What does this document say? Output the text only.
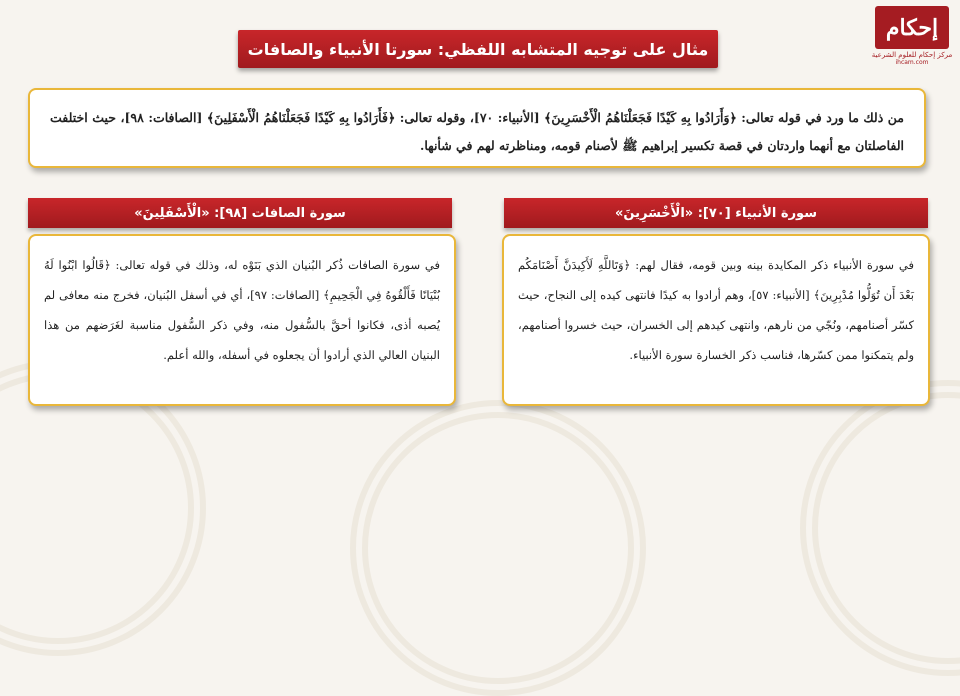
مثال على توجيه المتشابه اللفظي: سورتا الأنبياء والصافات
إحكام
مركز إحكام للعلوم الشرعية
ihcam.com
من ذلك ما ورد في قوله تعالى: ﴿وَأَرَادُوا بِهِ كَيْدًا فَجَعَلْنَاهُمُ الْأَخْسَرِينَ﴾ [الأنبياء: ٧٠]، وقوله تعالى: ﴿فَأَرَادُوا بِهِ كَيْدًا فَجَعَلْنَاهُمُ الْأَسْفَلِينَ﴾ [الصافات: ٩٨]، حيث اختلفت الفاصلتان مع أنهما واردتان في قصة تكسير إبراهيم ﷺ لأصنام قومه، ومناظرته لهم في شأنها.
سورة الأنبياء [٧٠]: «الْأَخْسَرِينَ»
سورة الصافات [٩٨]: «الْأَسْفَلِينَ»
في سورة الأنبياء ذكر المكايدة بينه وبين قومه، فقال لهم: ﴿وَتَاللَّهِ لَأَكِيدَنَّ أَصْنَامَكُم بَعْدَ أَن تُوَلُّوا مُدْبِرِينَ﴾ [الأنبياء: ٥٧]، وهم أرادوا به كيدًا فانتهى كيده إلى النجاح، حيث كسّر أصنامهم، ونُجّي من نارهم، وانتهى كيدهم إلى الخسران، حيث خسروا أصنامهم، ولم يتمكنوا ممن كسّرها، فناسب ذكر الخسارة سورة الأنبياء.
في سورة الصافات ذُكر البُنيان الذي بَنَوْه له، وذلك في قوله تعالى: ﴿قَالُوا ابْنُوا لَهُ بُنْيَانًا فَأَلْقُوهُ فِي الْجَحِيمِ﴾ [الصافات: ٩٧]، أي في أسفل البُنيان، فخرج منه معافى لم يُصبه أذى، فكانوا أحقَّ بالسُّفول منه، وفي ذكر السُّفول مناسبة لغَرَضهم من هذا البنيان العالي الذي أرادوا أن يجعلوه في أسفله، والله أعلم.
